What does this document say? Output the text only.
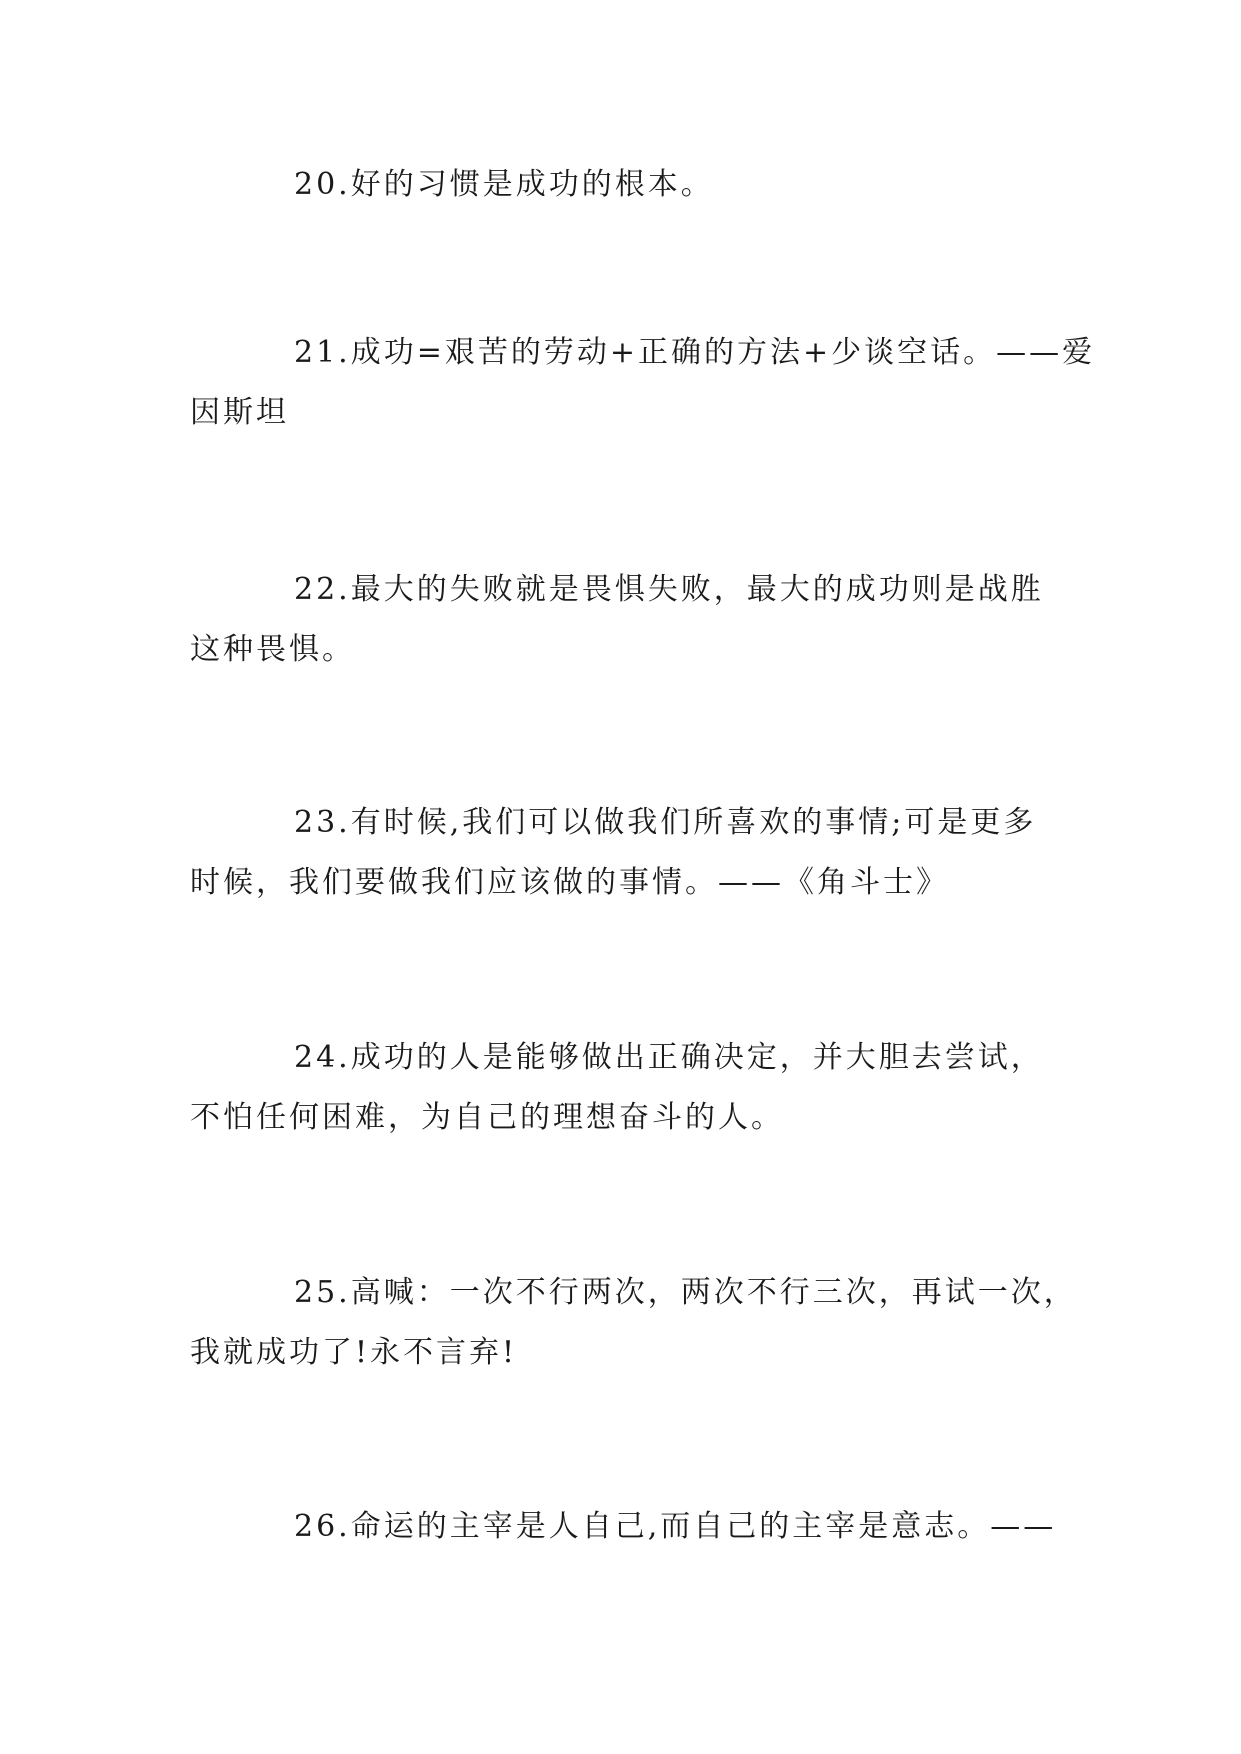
20.好的习惯是成功的根本。
21.成功=艰苦的劳动+正确的方法+少谈空话。——爱
因斯坦
22.最大的失败就是畏惧失败，最大的成功则是战胜
这种畏惧。
23.有时候,我们可以做我们所喜欢的事情;可是更多
时候，我们要做我们应该做的事情。——《角斗士》
24.成功的人是能够做出正确决定，并大胆去尝试，
不怕任何困难，为自己的理想奋斗的人。
25.高喊：一次不行两次，两次不行三次，再试一次，
我就成功了!永不言弃!
26.命运的主宰是人自己,而自己的主宰是意志。——
